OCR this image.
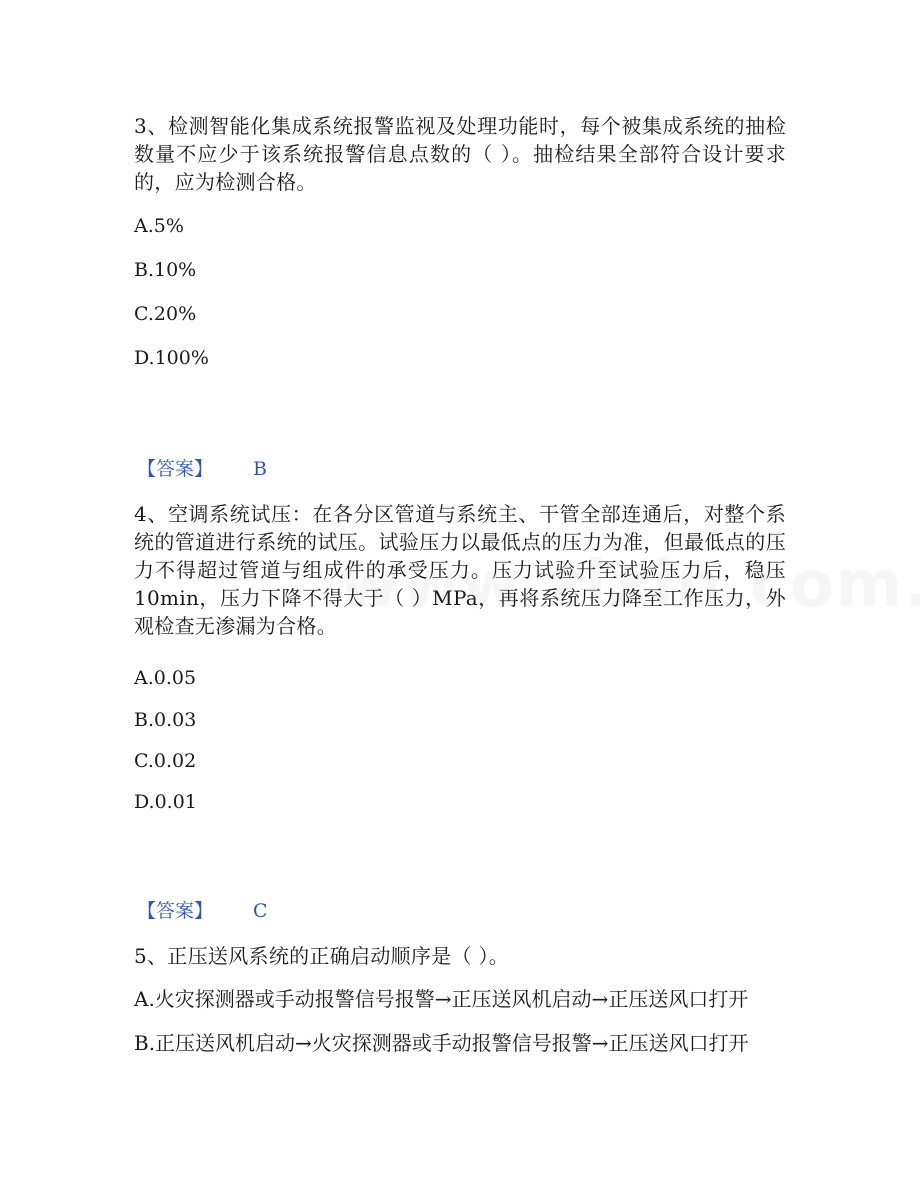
3、检测智能化集成系统报警监视及处理功能时，每个被集成系统的抽检数量不应少于该系统报警信息点数的（ ）。抽检结果全部符合设计要求的，应为检测合格。

A.5%

B.10%

C.20%

D.100%

【答案】 B

4、空调系统试压：在各分区管道与系统主、干管全部连通后，对整个系统的管道进行系统的试压。试验压力以最低点的压力为准，但最低点的压力不得超过管道与组成件的承受压力。压力试验升至试验压力后，稳压10min，压力下降不得大于（ ）MPa，再将系统压力降至工作压力，外观检查无渗漏为合格。

A.0.05

B.0.03

C.0.02

D.0.01

【答案】 C

5、正压送风系统的正确启动顺序是（ ）。

A.火灾探测器或手动报警信号报警→正压送风机启动→正压送风口打开

B.正压送风机启动→火灾探测器或手动报警信号报警→正压送风口打开
